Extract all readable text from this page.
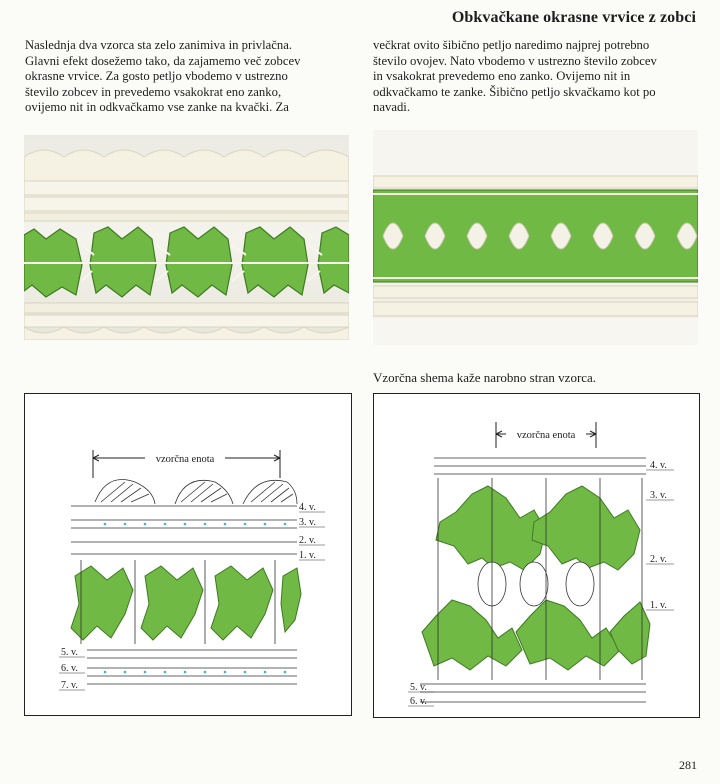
Obkvačkane okrasne vrvice z zobci
Naslednja dva vzorca sta zelo zanimiva in privlačna.
Glavni efekt dosežemo tako, da zajamemo več zobcev
okrasne vrvice. Za gosto petljo vbodemo v ustrezno
število zobcev in prevedemo vsakokrat eno zanko,
ovijemo nit in odkvačkamo vse zanke na kvački. Za
večkrat ovito šibično petljo naredimo najprej potrebno
število ovojev. Nato vbodemo v ustrezno število zobcev
in vsakokrat prevedemo eno zanko. Ovijemo nit in
odkvačkamo te zanke. Šibično petljo skvačkamo kot po
navadi.
Vzorčna shema kaže narobno stran vzorca.
vzorčna enota
4. v.
3. v.
2. v.
1. v.
5. v.
6. v.
7. v.
vzorčna enota
4. v.
3. v.
2. v.
1. v.
5. v.
6. v.
281
